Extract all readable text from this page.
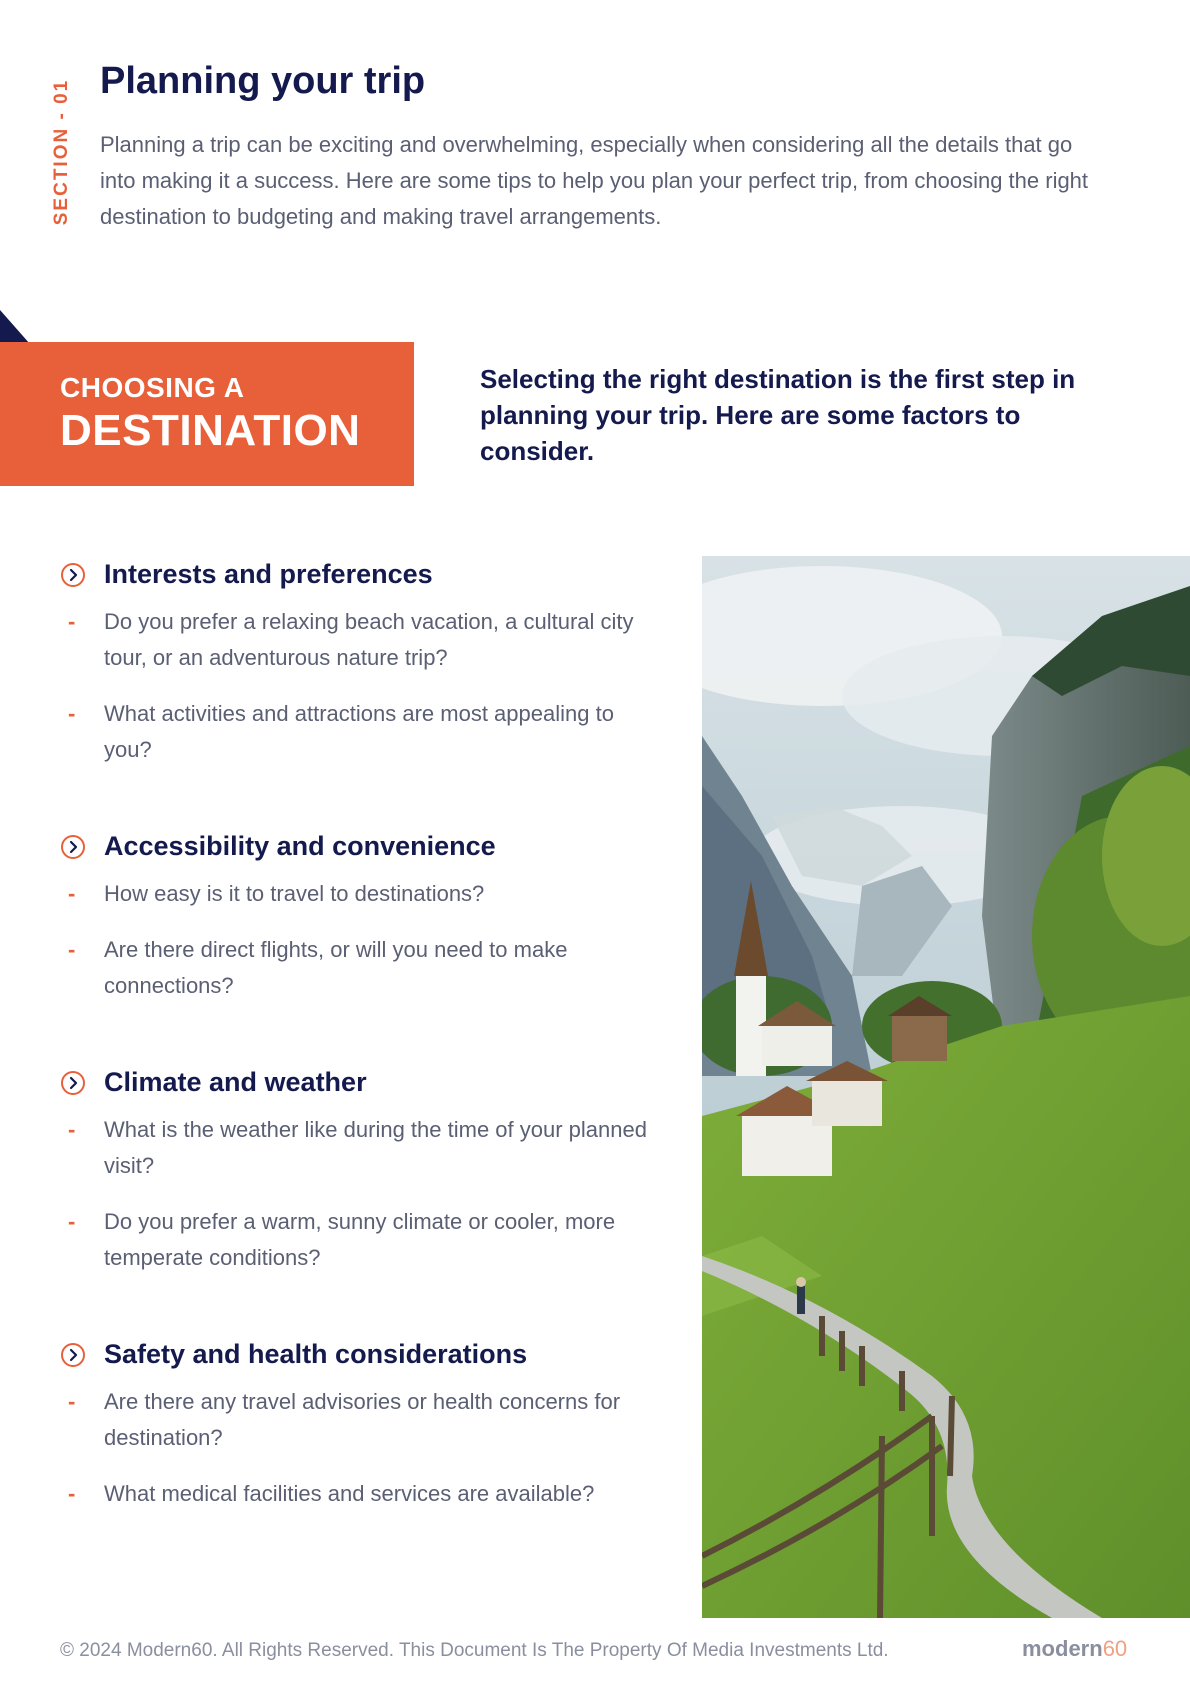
SECTION - 01 Planning your trip

Planning a trip can be exciting and overwhelming, especially when considering all the details that go into making it a success. Here are some tips to help you plan your perfect trip, from choosing the right destination to budgeting and making travel arrangements.

CHOOSING A
DESTINATION

Selecting the right destination is the first step in planning your trip. Here are some factors to consider.

Interests and preferences
- Do you prefer a relaxing beach vacation, a cultural city tour, or an adventurous nature trip?
- What activities and attractions are most appealing to you?
Accessibility and convenience
- How easy is it to travel to destinations?
- Are there direct flights, or will you need to make connections?
Climate and weather
- What is the weather like during the time of your planned visit?
- Do you prefer a warm, sunny climate or cooler, more temperate conditions?
Safety and health considerations
- Are there any travel advisories or health concerns for destination?
- What medical facilities and services are available?

© 2024 Modern60. All Rights Reserved. This Document Is The Property Of Media Investments Ltd.	modern60
